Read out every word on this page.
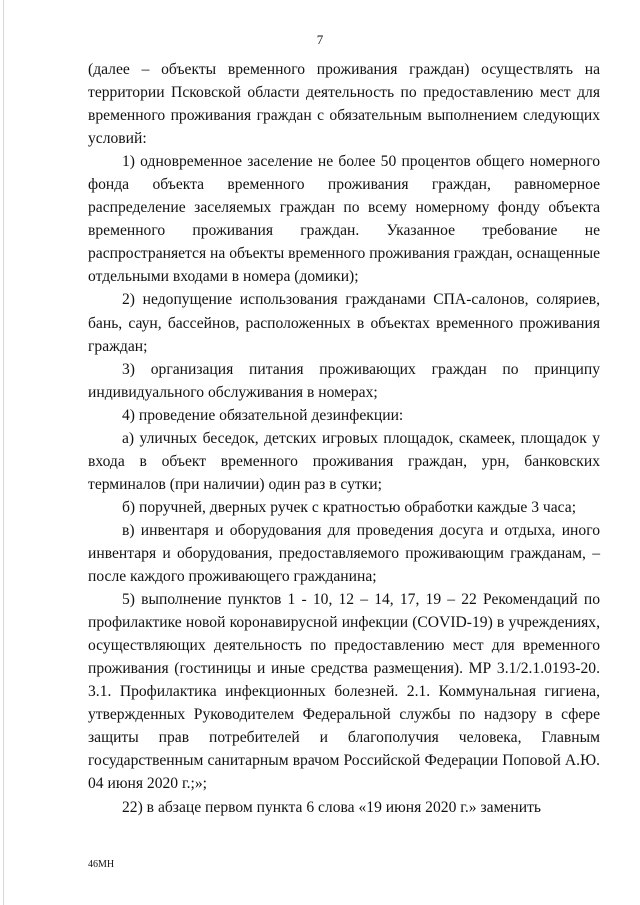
7

(далее – объекты временного проживания граждан) осуществлять на территории Псковской области деятельность по предоставлению мест для временного проживания граждан с обязательным выполнением следующих условий:

1) одновременное заселение не более 50 процентов общего номерного фонда объекта временного проживания граждан, равномерное распределение заселяемых граждан по всему номерному фонду объекта временного проживания граждан. Указанное требование не распространяется на объекты временного проживания граждан, оснащенные отдельными входами в номера (домики);

2) недопущение использования гражданами СПА-салонов, соляриев, бань, саун, бассейнов, расположенных в объектах временного проживания граждан;

3) организация питания проживающих граждан по принципу индивидуального обслуживания в номерах;

4) проведение обязательной дезинфекции:

а) уличных беседок, детских игровых площадок, скамеек, площадок у входа в объект временного проживания граждан, урн, банковских терминалов (при наличии) один раз в сутки;

б) поручней, дверных ручек с кратностью обработки каждые 3 часа;

в) инвентаря и оборудования для проведения досуга и отдыха, иного инвентаря и оборудования, предоставляемого проживающим гражданам, – после каждого проживающего гражданина;

5) выполнение пунктов 1 - 10, 12 – 14, 17, 19 – 22 Рекомендаций по профилактике новой коронавирусной инфекции (COVID-19) в учреждениях, осуществляющих деятельность по предоставлению мест для временного проживания (гостиницы и иные средства размещения). МР 3.1/2.1.0193-20. 3.1. Профилактика инфекционных болезней. 2.1. Коммунальная гигиена, утвержденных Руководителем Федеральной службы по надзору в сфере защиты прав потребителей и благополучия человека, Главным государственным санитарным врачом Российской Федерации Поповой А.Ю. 04 июня 2020 г.;»;

22) в абзаце первом пункта 6 слова «19 июня 2020 г.» заменить

46МН
